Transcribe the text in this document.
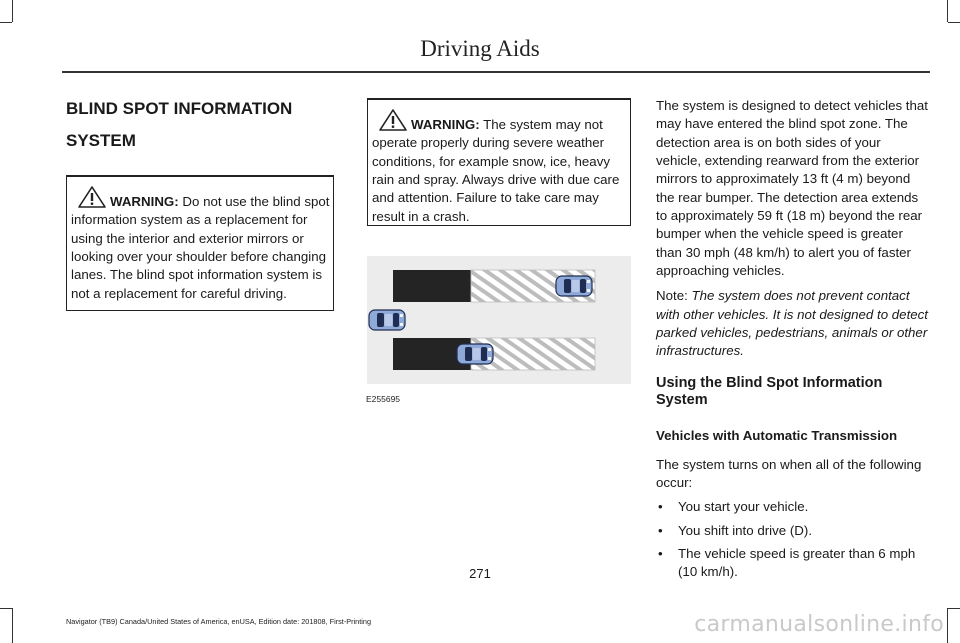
Driving Aids
BLIND SPOT INFORMATION
SYSTEM
WARNING: Do not use the blind spot information system as a replacement for using the interior and exterior mirrors or looking over your shoulder before changing lanes. The blind spot information system is not a replacement for careful driving.
WARNING: The system may not operate properly during severe weather conditions, for example snow, ice, heavy rain and spray. Always drive with due care and attention. Failure to take care may result in a crash.
E255695

The system is designed to detect vehicles that may have entered the blind spot zone. The detection area is on both sides of your vehicle, extending rearward from the exterior mirrors to approximately 13 ft (4 m) beyond the rear bumper. The detection area extends to approximately 59 ft (18 m) beyond the rear bumper when the vehicle speed is greater than 30 mph (48 km/h) to alert you of faster approaching vehicles.

Note: The system does not prevent contact with other vehicles. It is not designed to detect parked vehicles, pedestrians, animals or other infrastructures.

Using the Blind Spot Information System
Vehicles with Automatic Transmission

The system turns on when all of the following occur:

• You start your vehicle.
• You shift into drive (D).
• The vehicle speed is greater than 6 mph (10 km/h).
271
Navigator (TB9) Canada/United States of America, enUSA, Edition date: 201808, First-Printing	carmanualsonline.info
